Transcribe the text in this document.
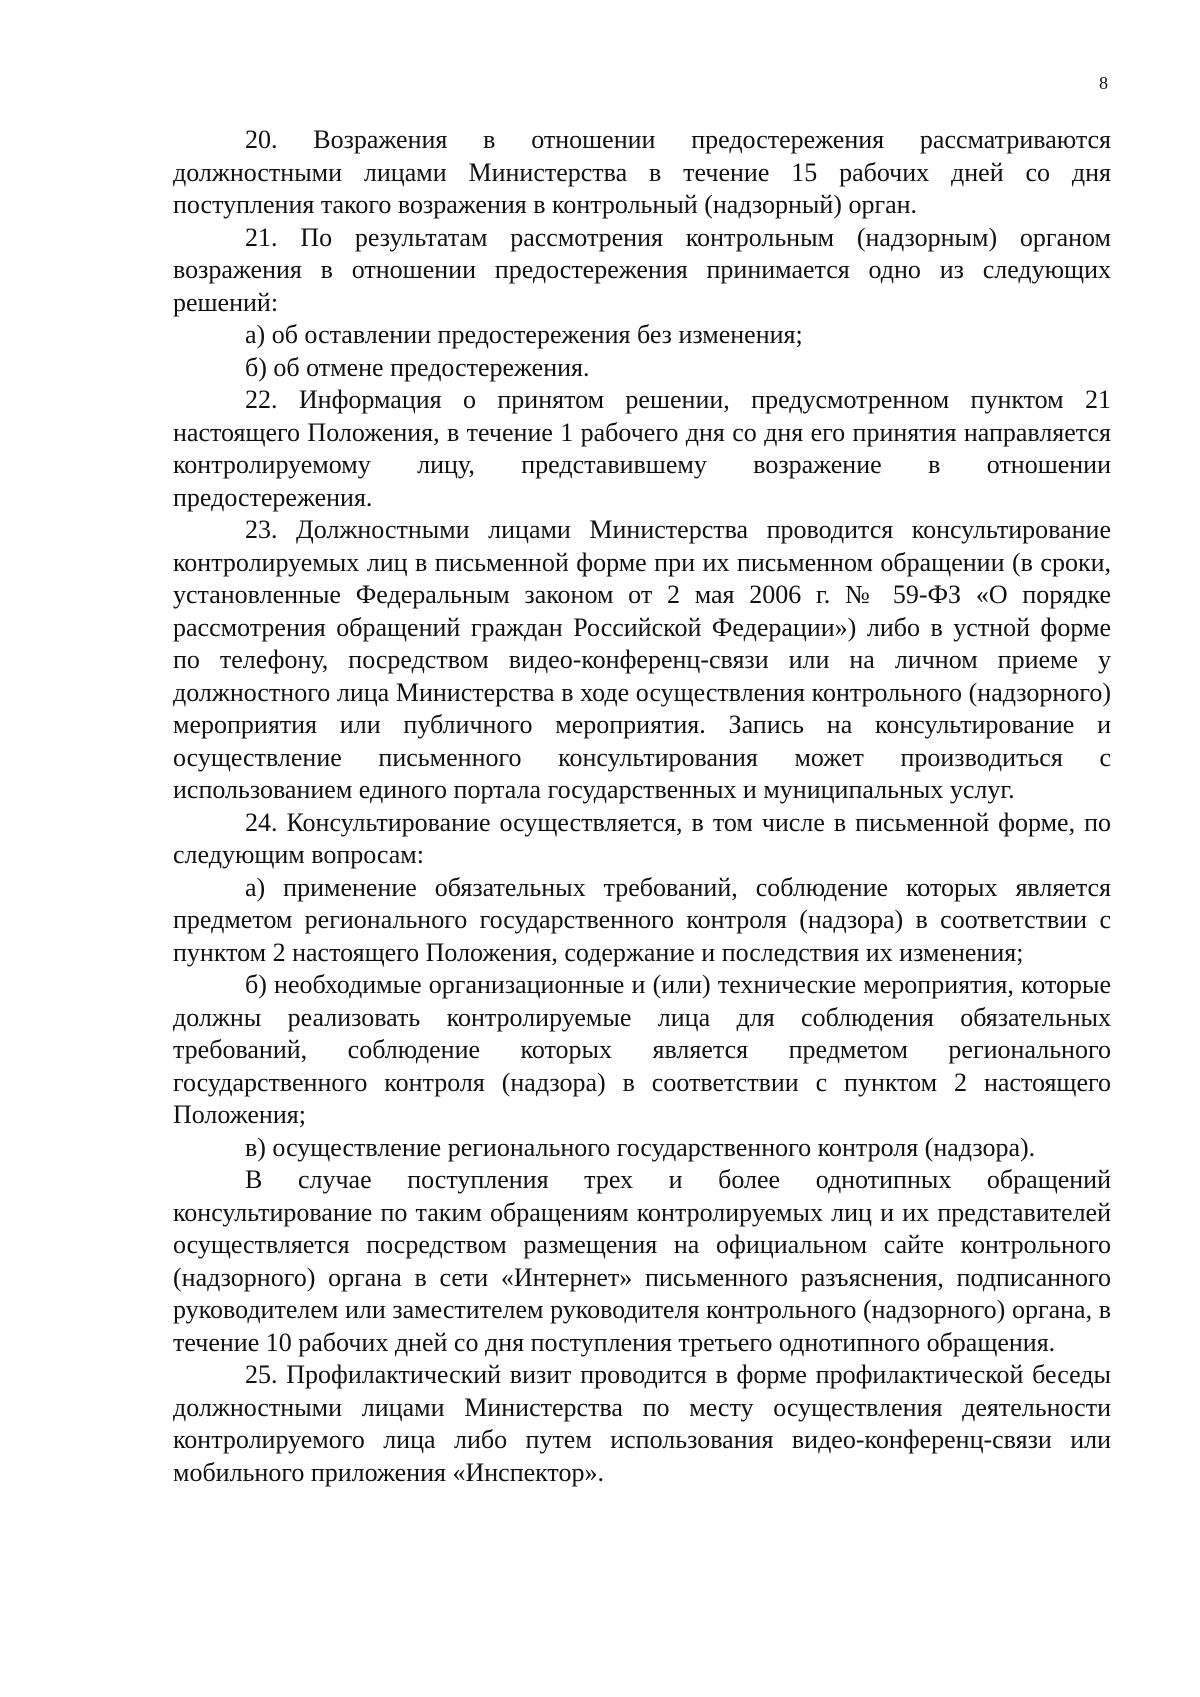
8

20. Возражения в отношении предостережения рассматриваются должностными лицами Министерства в течение 15 рабочих дней со дня поступления такого возражения в контрольный (надзорный) орган.

21. По результатам рассмотрения контрольным (надзорным) органом возражения в отношении предостережения принимается одно из следующих решений:

а) об оставлении предостережения без изменения;

б) об отмене предостережения.

22. Информация о принятом решении, предусмотренном пунктом 21 настоящего Положения, в течение 1 рабочего дня со дня его принятия направляется контролируемому лицу, представившему возражение в отношении предостережения.

23. Должностными лицами Министерства проводится консультирование контролируемых лиц в письменной форме при их письменном обращении (в сроки, установленные Федеральным законом от 2 мая 2006 г. № 59-ФЗ «О порядке рассмотрения обращений граждан Российской Федерации») либо в устной форме по телефону, посредством видео-конференц-связи или на личном приеме у должностного лица Министерства в ходе осуществления контрольного (надзорного) мероприятия или публичного мероприятия. Запись на консультирование и осуществление письменного консультирования может производиться с использованием единого портала государственных и муниципальных услуг.

24. Консультирование осуществляется, в том числе в письменной форме, по следующим вопросам:

а) применение обязательных требований, соблюдение которых является предметом регионального государственного контроля (надзора) в соответствии с пунктом 2 настоящего Положения, содержание и последствия их изменения;

б) необходимые организационные и (или) технические мероприятия, которые должны реализовать контролируемые лица для соблюдения обязательных требований, соблюдение которых является предметом регионального государственного контроля (надзора) в соответствии с пунктом 2 настоящего Положения;

в) осуществление регионального государственного контроля (надзора).

В случае поступления трех и более однотипных обращений консультирование по таким обращениям контролируемых лиц и их представителей осуществляется посредством размещения на официальном сайте контрольного (надзорного) органа в сети «Интернет» письменного разъяснения, подписанного руководителем или заместителем руководителя контрольного (надзорного) органа, в течение 10 рабочих дней со дня поступления третьего однотипного обращения.

25. Профилактический визит проводится в форме профилактической беседы должностными лицами Министерства по месту осуществления деятельности контролируемого лица либо путем использования видео-конференц-связи или мобильного приложения «Инспектор».
